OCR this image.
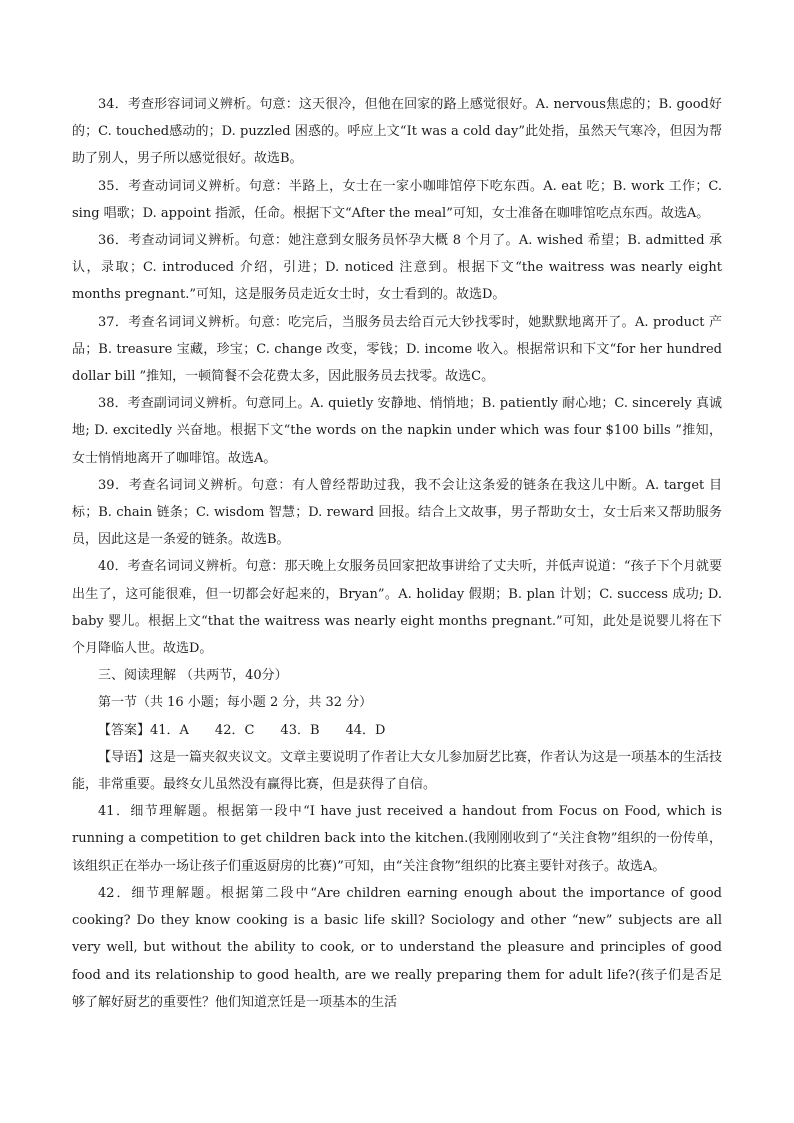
34．考查形容词词义辨析。句意：这天很冷，但他在回家的路上感觉很好。A. nervous焦虑的；B. good好的；C. touched感动的；D. puzzled 困惑的。呼应上文“It was a cold day”此处指，虽然天气寒冷，但因为帮助了别人，男子所以感觉很好。故选B。

35．考查动词词义辨析。句意：半路上，女士在一家小咖啡馆停下吃东西。A. eat 吃；B. work 工作；C. sing 唱歌；D. appoint 指派，任命。根据下文“After the meal”可知，女士准备在咖啡馆吃点东西。故选A。

36．考查动词词义辨析。句意：她注意到女服务员怀孕大概 8 个月了。A. wished 希望；B. admitted 承认，录取；C. introduced 介绍，引进；D. noticed 注意到。根据下文“the waitress was nearly eight months pregnant.”可知，这是服务员走近女士时，女士看到的。故选D。

37．考查名词词义辨析。句意：吃完后，当服务员去给百元大钞找零时，她默默地离开了。A. product 产品；B. treasure 宝藏，珍宝；C. change 改变，零钱；D. income 收入。根据常识和下文“for her hundred dollar bill ”推知，一顿简餐不会花费太多，因此服务员去找零。故选C。

38．考查副词词义辨析。句意同上。A. quietly 安静地、悄悄地；B. patiently 耐心地；C. sincerely 真诚地; D. excitedly 兴奋地。根据下文“the words on the napkin under which was four $100 bills ”推知，女士悄悄地离开了咖啡馆。故选A。

39．考查名词词义辨析。句意：有人曾经帮助过我，我不会让这条爱的链条在我这儿中断。A. target 目标；B. chain 链条；C. wisdom 智慧；D. reward 回报。结合上文故事，男子帮助女士，女士后来又帮助服务员，因此这是一条爱的链条。故选B。

40．考查名词词义辨析。句意：那天晚上女服务员回家把故事讲给了丈夫听，并低声说道：“孩子下个月就要出生了，这可能很难，但一切都会好起来的，Bryan”。A. holiday 假期；B. plan 计划；C. success 成功; D. baby 婴儿。根据上文“that the waitress was nearly eight months pregnant.”可知，此处是说婴儿将在下个月降临人世。故选D。

三、阅读理解 （共两节，40分）

第一节（共 16 小题；每小题 2 分，共 32 分）

【答案】41．A　　42．C　　43．B　　44．D

【导语】这是一篇夹叙夹议文。文章主要说明了作者让大女儿参加厨艺比赛，作者认为这是一项基本的生活技能，非常重要。最终女儿虽然没有赢得比赛，但是获得了自信。

41．细节理解题。根据第一段中“I have just received a handout from Focus on Food, which is running a competition to get children back into the kitchen.(我刚刚收到了“关注食物”组织的一份传单，该组织正在举办一场让孩子们重返厨房的比赛)”可知，由“关注食物”组织的比赛主要针对孩子。故选A。

42．细节理解题。根据第二段中“Are children earning enough about the importance of good cooking? Do they know cooking is a basic life skill? Sociology and other “new” subjects are all very well, but without the ability to cook, or to understand the pleasure and principles of good food and its relationship to good health, are we really preparing them for adult life?(孩子们是否足够了解好厨艺的重要性？他们知道烹饪是一项基本的生活
